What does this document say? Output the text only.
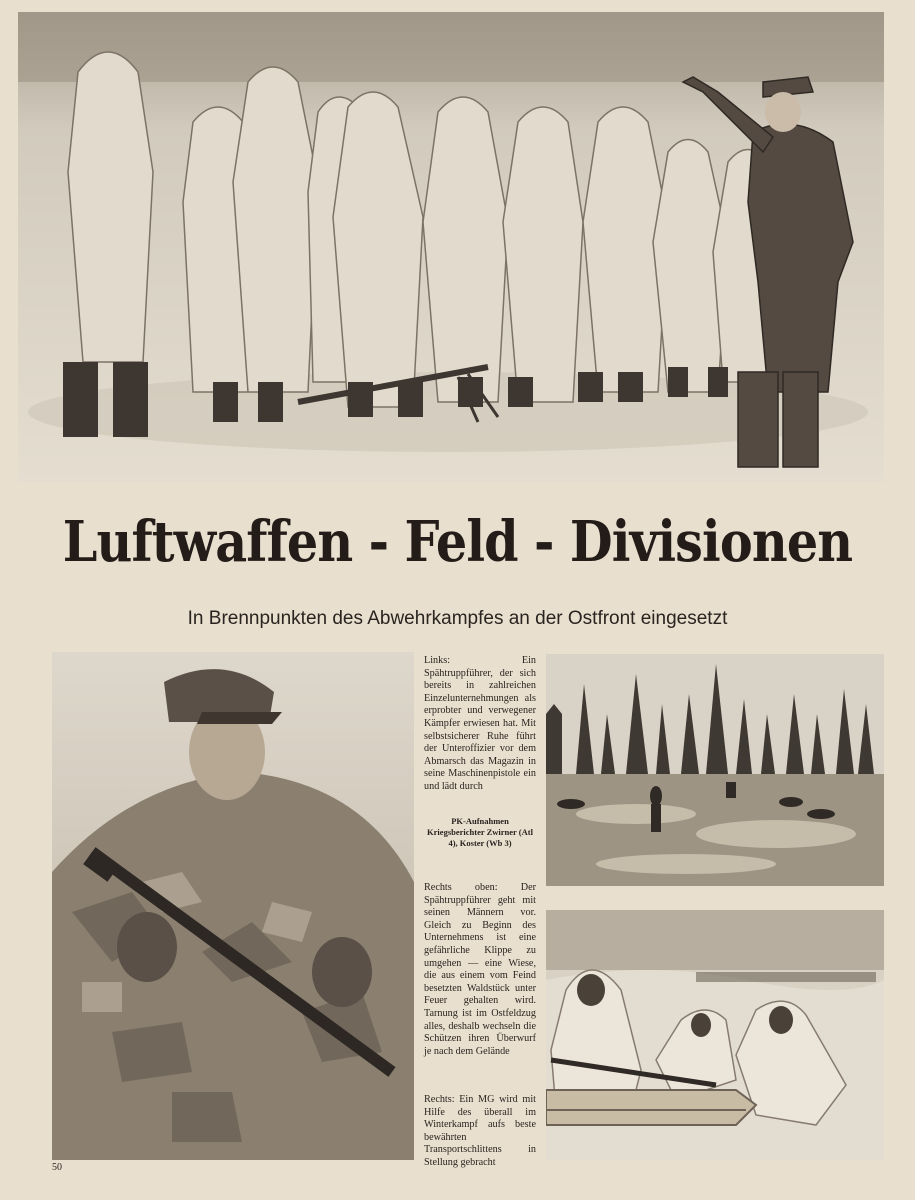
Luftwaffen - Feld - Divisionen

In Brennpunkten des Abwehrkampfes an der Ostfront eingesetzt

Links: Ein Spähtruppführer, der sich bereits in zahlreichen Einzelunternehmungen als erprobter und verwegener Kämpfer erwiesen hat. Mit selbstsicherer Ruhe führt der Unteroffizier vor dem Abmarsch das Magazin in seine Maschinenpistole ein und lädt durch

PK-Aufnahmen Kriegsberichter Zwirner (Atl 4), Koster (Wb 3)

Rechts oben: Der Spähtruppführer geht mit seinen Männern vor. Gleich zu Beginn des Unternehmens ist eine gefährliche Klippe zu umgehen — eine Wiese, die aus einem vom Feind besetzten Waldstück unter Feuer gehalten wird. Tarnung ist im Ostfeldzug alles, deshalb wechseln die Schützen ihren Überwurf je nach dem Gelände

Rechts: Ein MG wird mit Hilfe des überall im Winterkampf aufs beste bewährten Transportschlittens in Stellung gebracht

50
